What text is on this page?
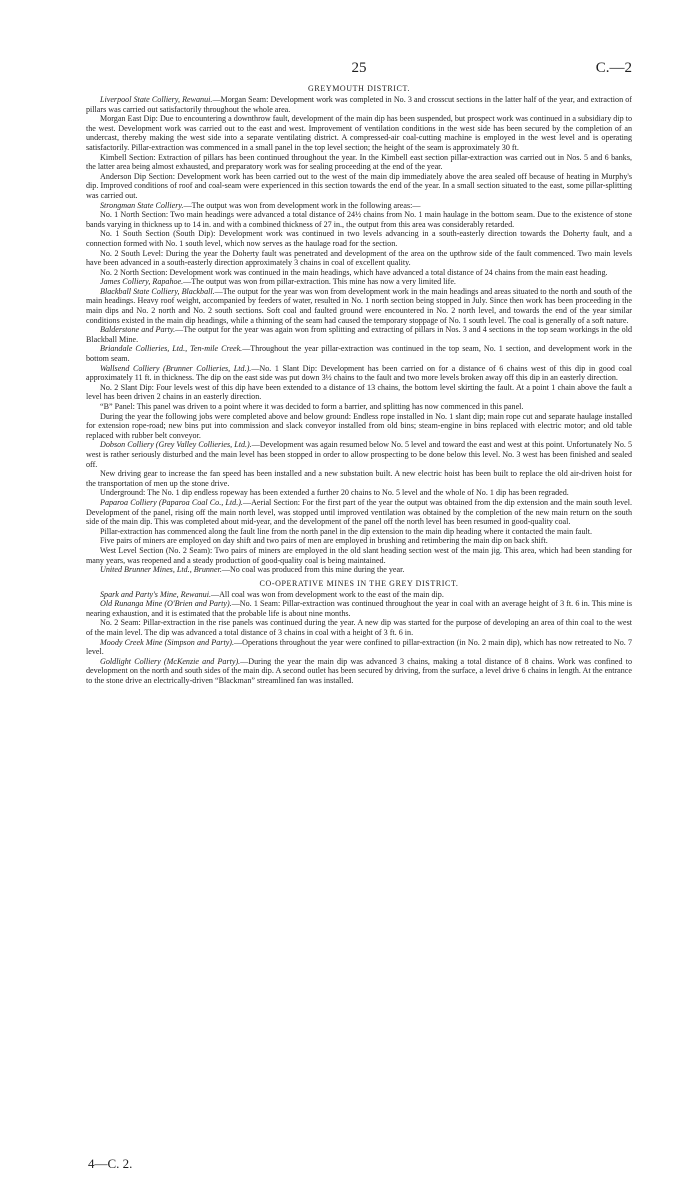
25	C.—2
GREYMOUTH DISTRICT.

Liverpool State Colliery, Rewanui.—Morgan Seam: Development work was completed in No. 3 and crosscut sections in the latter half of the year, and extraction of pillars was carried out satisfactorily throughout the whole area.

Morgan East Dip: Due to encountering a downthrow fault, development of the main dip has been suspended, but prospect work was continued in a subsidiary dip to the west. Development work was carried out to the east and west. Improvement of ventilation conditions in the west side has been secured by the completion of an undercast, thereby making the west side into a separate ventilating district. A compressed-air coal-cutting machine is employed in the west level and is operating satisfactorily. Pillar-extraction was commenced in a small panel in the top level section; the height of the seam is approximately 30 ft.

Kimbell Section: Extraction of pillars has been continued throughout the year. In the Kimbell east section pillar-extraction was carried out in Nos. 5 and 6 banks, the latter area being almost exhausted, and preparatory work was for sealing proceeding at the end of the year.

Anderson Dip Section: Development work has been carried out to the west of the main dip immediately above the area sealed off because of heating in Murphy's dip. Improved conditions of roof and coal-seam were experienced in this section towards the end of the year. In a small section situated to the east, some pillar-splitting was carried out.

Strongman State Colliery.—The output was won from development work in the following areas:—

No. 1 North Section: Two main headings were advanced a total distance of 24½ chains from No. 1 main haulage in the bottom seam. Due to the existence of stone bands varying in thickness up to 14 in. and with a combined thickness of 27 in., the output from this area was considerably retarded.

No. 1 South Section (South Dip): Development work was continued in two levels advancing in a south-easterly direction towards the Doherty fault, and a connection formed with No. 1 south level, which now serves as the haulage road for the section.

No. 2 South Level: During the year the Doherty fault was penetrated and development of the area on the upthrow side of the fault commenced. Two main levels have been advanced in a south-easterly direction approximately 3 chains in coal of excellent quality.

No. 2 North Section: Development work was continued in the main headings, which have advanced a total distance of 24 chains from the main east heading.

James Colliery, Rapahoe.—The output was won from pillar-extraction. This mine has now a very limited life.

Blackball State Colliery, Blackball.—The output for the year was won from development work in the main headings and areas situated to the north and south of the main headings. Heavy roof weight, accompanied by feeders of water, resulted in No. 1 north section being stopped in July. Since then work has been proceeding in the main dips and No. 2 north and No. 2 south sections. Soft coal and faulted ground were encountered in No. 2 north level, and towards the end of the year similar conditions existed in the main dip headings, while a thinning of the seam had caused the temporary stoppage of No. 1 south level. The coal is generally of a soft nature.

Balderstone and Party.—The output for the year was again won from splitting and extracting of pillars in Nos. 3 and 4 sections in the top seam workings in the old Blackball Mine.

Briandale Collieries, Ltd., Ten-mile Creek.—Throughout the year pillar-extraction was continued in the top seam, No. 1 section, and development work in the bottom seam.

Wallsend Colliery (Brunner Collieries, Ltd.).—No. 1 Slant Dip: Development has been carried on for a distance of 6 chains west of this dip in good coal approximately 11 ft. in thickness. The dip on the east side was put down 3½ chains to the fault and two more levels broken away off this dip in an easterly direction.

No. 2 Slant Dip: Four levels west of this dip have been extended to a distance of 13 chains, the bottom level skirting the fault. At a point 1 chain above the fault a level has been driven 2 chains in an easterly direction.

“B” Panel: This panel was driven to a point where it was decided to form a barrier, and splitting has now commenced in this panel.

During the year the following jobs were completed above and below ground: Endless rope installed in No. 1 slant dip; main rope cut and separate haulage installed for extension rope-road; new bins put into commission and slack conveyor installed from old bins; steam-engine in bins replaced with electric motor; and old table replaced with rubber belt conveyor.

Dobson Colliery (Grey Valley Collieries, Ltd.).—Development was again resumed below No. 5 level and toward the east and west at this point. Unfortunately No. 5 west is rather seriously disturbed and the main level has been stopped in order to allow prospecting to be done below this level. No. 3 west has been finished and sealed off.

New driving gear to increase the fan speed has been installed and a new substation built. A new electric hoist has been built to replace the old air-driven hoist for the transportation of men up the stone drive.

Underground: The No. 1 dip endless ropeway has been extended a further 20 chains to No. 5 level and the whole of No. 1 dip has been regraded.

Paparoa Colliery (Paparoa Coal Co., Ltd.).—Aerial Section: For the first part of the year the output was obtained from the dip extension and the main south level. Development of the panel, rising off the main north level, was stopped until improved ventilation was obtained by the completion of the new main return on the south side of the main dip. This was completed about mid-year, and the development of the panel off the north level has been resumed in good-quality coal.

Pillar-extraction has commenced along the fault line from the north panel in the dip extension to the main dip heading where it contacted the main fault.

Five pairs of miners are employed on day shift and two pairs of men are employed in brushing and retimbering the main dip on back shift.

West Level Section (No. 2 Seam): Two pairs of miners are employed in the old slant heading section west of the main jig. This area, which had been standing for many years, was reopened and a steady production of good-quality coal is being maintained.

United Brunner Mines, Ltd., Brunner.—No coal was produced from this mine during the year.

CO-OPERATIVE MINES IN THE GREY DISTRICT.

Spark and Party's Mine, Rewanui.—All coal was won from development work to the east of the main dip.

Old Runanga Mine (O'Brien and Party).—No. 1 Seam: Pillar-extraction was continued throughout the year in coal with an average height of 3 ft. 6 in. This mine is nearing exhaustion, and it is estimated that the probable life is about nine months.

No. 2 Seam: Pillar-extraction in the rise panels was continued during the year. A new dip was started for the purpose of developing an area of thin coal to the west of the main level. The dip was advanced a total distance of 3 chains in coal with a height of 3 ft. 6 in.

Moody Creek Mine (Simpson and Party).—Operations throughout the year were confined to pillar-extraction (in No. 2 main dip), which has now retreated to No. 7 level.

Goldlight Colliery (McKenzie and Party).—During the year the main dip was advanced 3 chains, making a total distance of 8 chains. Work was confined to development on the north and south sides of the main dip. A second outlet has been secured by driving, from the surface, a level drive 6 chains in length. At the entrance to the stone drive an electrically-driven “Blackman” streamlined fan was installed.

4—C. 2.
